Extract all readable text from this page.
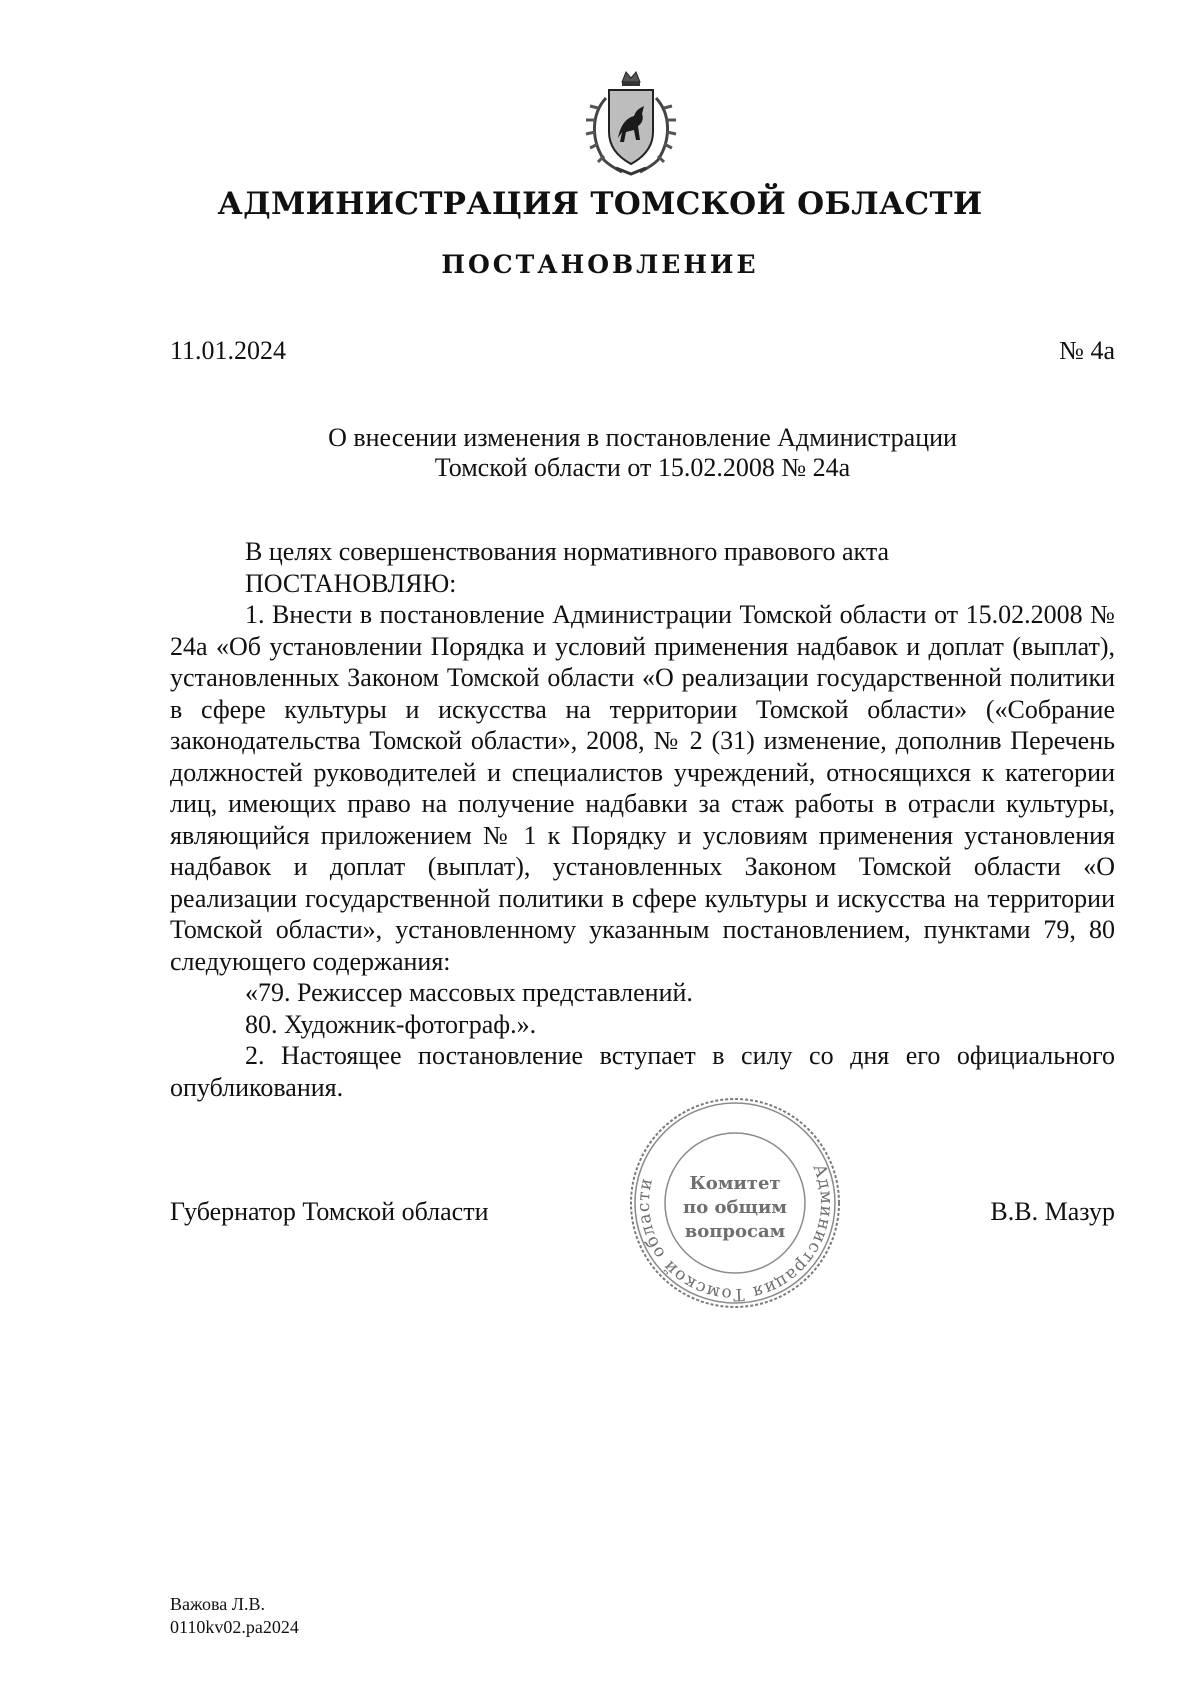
АДМИНИСТРАЦИЯ ТОМСКОЙ ОБЛАСТИ
ПОСТАНОВЛЕНИЕ
11.01.2024	№ 4а
О внесении изменения в постановление Администрации
Томской области от 15.02.2008 № 24а

В целях совершенствования нормативного правового акта

ПОСТАНОВЛЯЮ:

1. Внести в постановление Администрации Томской области от 15.02.2008 № 24а «Об установлении Порядка и условий применения надбавок и доплат (выплат), установленных Законом Томской области «О реализации государственной политики в сфере культуры и искусства на территории Томской области» («Собрание законодательства Томской области», 2008, № 2 (31) изменение, дополнив Перечень должностей руководителей и специалистов учреждений, относящихся к категории лиц, имеющих право на получение надбавки за стаж работы в отрасли культуры, являющийся приложением № 1 к Порядку и условиям применения установления надбавок и доплат (выплат), установленных Законом Томской области «О реализации государственной политики в сфере культуры и искусства на территории Томской области», установленному указанным постановлением, пунктами 79, 80 следующего содержания:

«79. Режиссер массовых представлений.

80. Художник-фотограф.».

2. Настоящее постановление вступает в силу со дня его официального опубликования.

Губернатор Томской области	В.В. Мазур
Администрация Томской области	Комитет
по общим
вопросам
Важова Л.В.
0110kv02.pa2024
